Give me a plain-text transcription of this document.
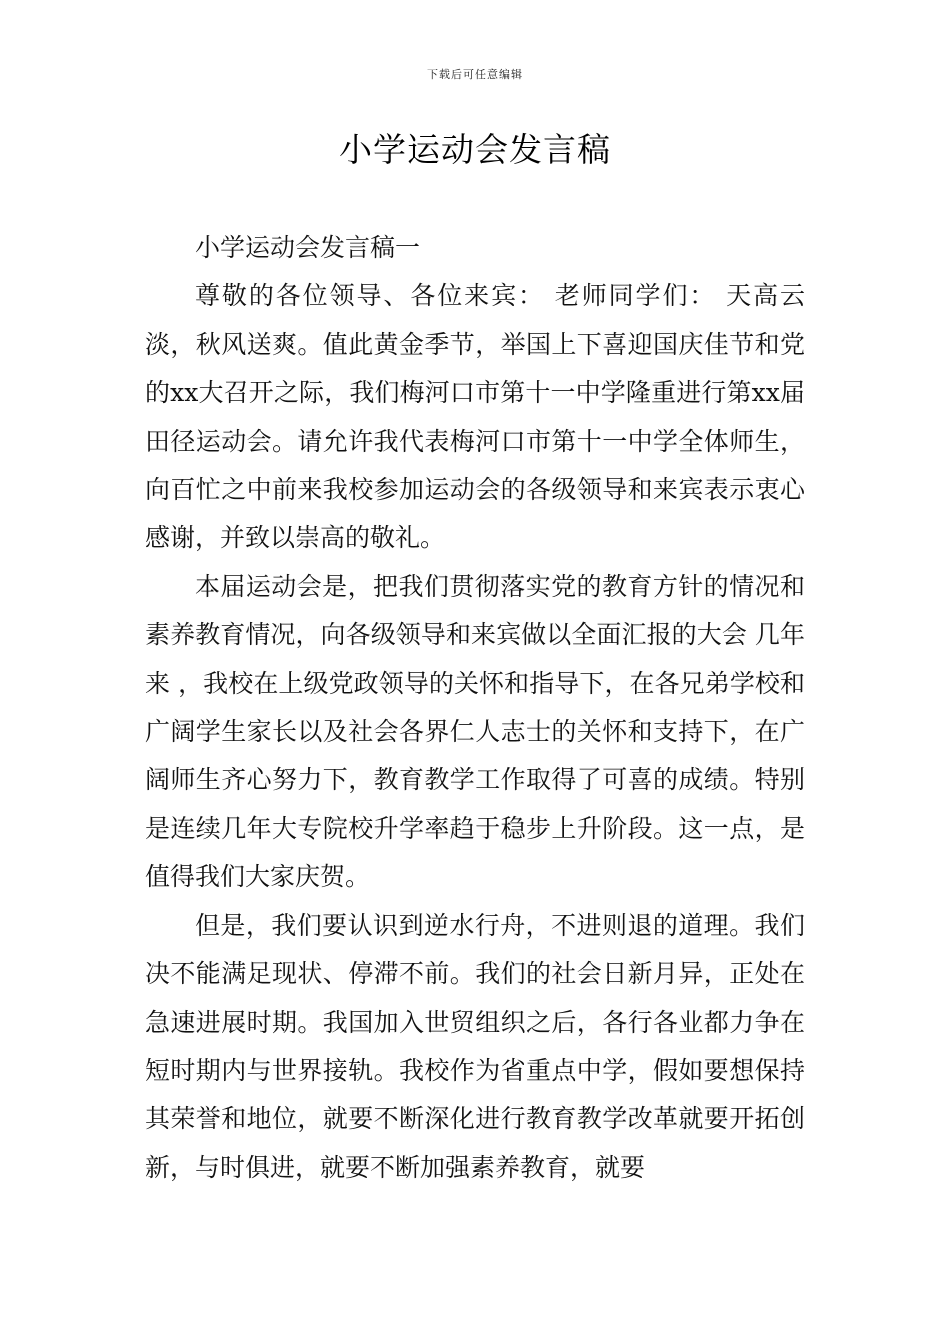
下载后可任意编辑
小学运动会发言稿

小学运动会发言稿一

尊敬的各位领导、各位来宾： 老师同学们： 天高云淡，秋风送爽。值此黄金季节，举国上下喜迎国庆佳节和党的xx大召开之际，我们梅河口市第十一中学隆重进行第xx届田径运动会。请允许我代表梅河口市第十一中学全体师生，向百忙之中前来我校参加运动会的各级领导和来宾表示衷心感谢，并致以崇高的敬礼。

本届运动会是，把我们贯彻落实党的教育方针的情况和素养教育情况，向各级领导和来宾做以全面汇报的大会 几年来 ，我校在上级党政领导的关怀和指导下，在各兄弟学校和广阔学生家长以及社会各界仁人志士的关怀和支持下，在广阔师生齐心努力下，教育教学工作取得了可喜的成绩。特别是连续几年大专院校升学率趋于稳步上升阶段。这一点，是值得我们大家庆贺。

但是，我们要认识到逆水行舟，不进则退的道理。我们决不能满足现状、停滞不前。我们的社会日新月异，正处在急速进展时期。我国加入世贸组织之后，各行各业都力争在短时期内与世界接轨。我校作为省重点中学，假如要想保持其荣誉和地位，就要不断深化进行教育教学改革就要开拓创新，与时俱进，就要不断加强素养教育，就要
